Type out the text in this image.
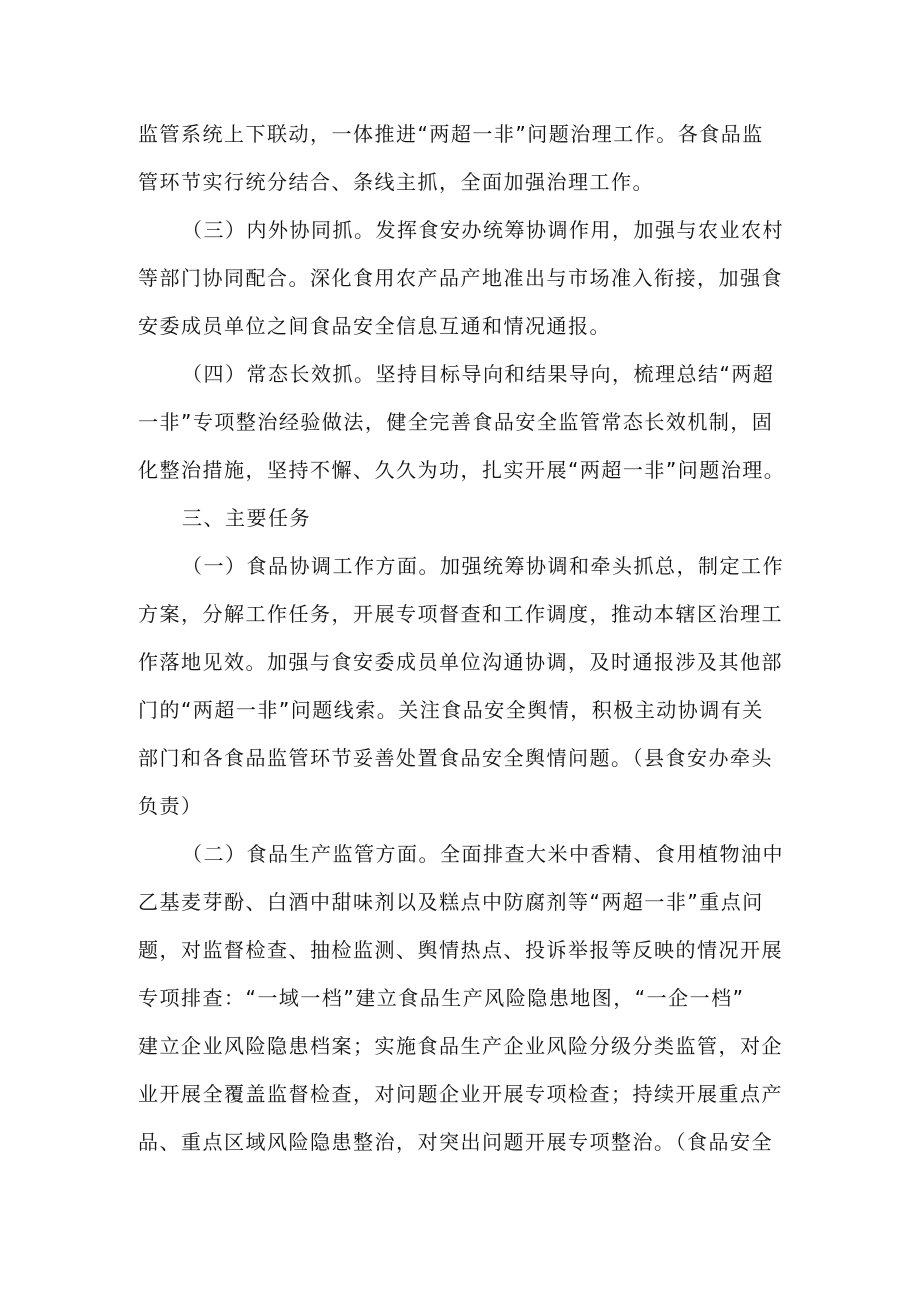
监管系统上下联动，一体推进“两超一非”问题治理工作。各食品监
管环节实行统分结合、条线主抓，全面加强治理工作。

（三）内外协同抓。发挥食安办统筹协调作用，加强与农业农村
等部门协同配合。深化食用农产品产地准出与市场准入衔接，加强食
安委成员单位之间食品安全信息互通和情况通报。

（四）常态长效抓。坚持目标导向和结果导向，梳理总结“两超
一非”专项整治经验做法，健全完善食品安全监管常态长效机制，固
化整治措施，坚持不懈、久久为功，扎实开展“两超一非”问题治理。

三、主要任务

（一）食品协调工作方面。加强统筹协调和牵头抓总，制定工作
方案，分解工作任务，开展专项督查和工作调度，推动本辖区治理工
作落地见效。加强与食安委成员单位沟通协调，及时通报涉及其他部
门的“两超一非”问题线索。关注食品安全舆情，积极主动协调有关
部门和各食品监管环节妥善处置食品安全舆情问题。（县食安办牵头
负责）

（二）食品生产监管方面。全面排查大米中香精、食用植物油中
乙基麦芽酚、白酒中甜味剂以及糕点中防腐剂等“两超一非”重点问
题，对监督检查、抽检监测、舆情热点、投诉举报等反映的情况开展
专项排查：“一域一档”建立食品生产风险隐患地图，“一企一档”
建立企业风险隐患档案；实施食品生产企业风险分级分类监管，对企
业开展全覆盖监督检查，对问题企业开展专项检查；持续开展重点产
品、重点区域风险隐患整治，对突出问题开展专项整治。（食品安全
